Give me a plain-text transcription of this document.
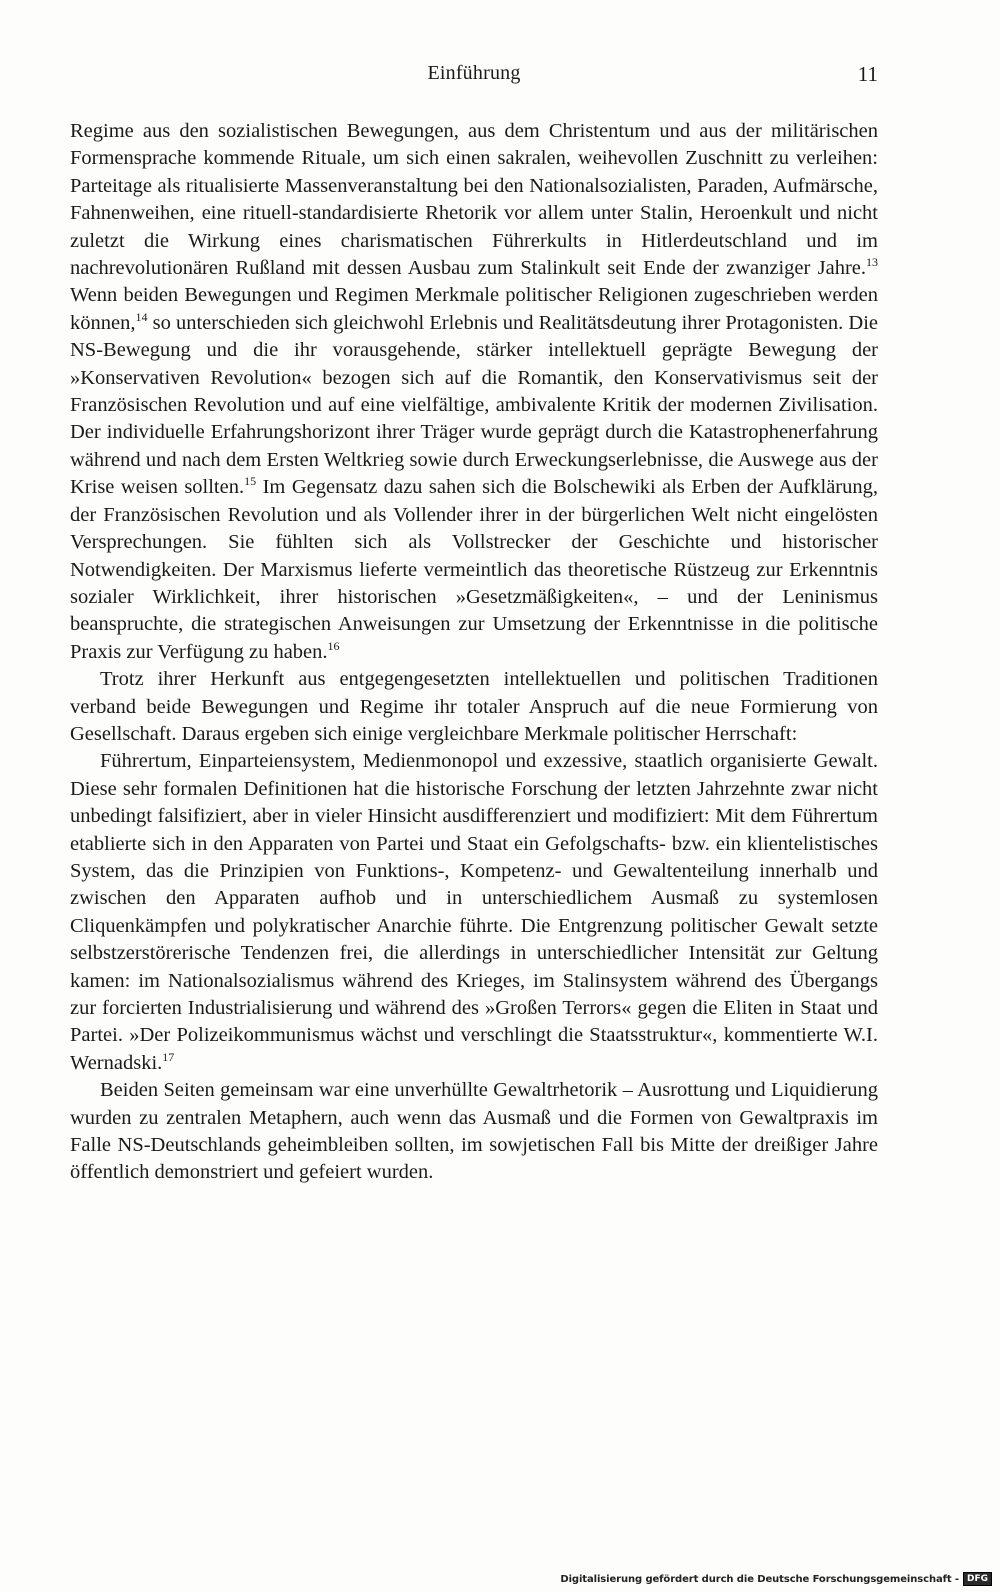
Einführung	11

Regime aus den sozialistischen Bewegungen, aus dem Christentum und aus der militärischen Formensprache kommende Rituale, um sich einen sakralen, weihevollen Zuschnitt zu verleihen: Parteitage als ritualisierte Massenveranstaltung bei den Nationalsozialisten, Paraden, Aufmärsche, Fahnenweihen, eine rituell-standardisierte Rhetorik vor allem unter Stalin, Heroenkult und nicht zuletzt die Wirkung eines charismatischen Führerkults in Hitlerdeutschland und im nachrevolutionären Rußland mit dessen Ausbau zum Stalinkult seit Ende der zwanziger Jahre.$^{13}$ Wenn beiden Bewegungen und Regimen Merkmale politischer Religionen zugeschrieben werden können,$^{14}$ so unterschieden sich gleichwohl Erlebnis und Realitätsdeutung ihrer Protagonisten. Die NS-Bewegung und die ihr vorausgehende, stärker intellektuell geprägte Bewegung der »Konservativen Revolution« bezogen sich auf die Romantik, den Konservativismus seit der Französischen Revolution und auf eine vielfältige, ambivalente Kritik der modernen Zivilisation. Der individuelle Erfahrungshorizont ihrer Träger wurde geprägt durch die Katastrophenerfahrung während und nach dem Ersten Weltkrieg sowie durch Erweckungserlebnisse, die Auswege aus der Krise weisen sollten.$^{15}$ Im Gegensatz dazu sahen sich die Bolschewiki als Erben der Aufklärung, der Französischen Revolution und als Vollender ihrer in der bürgerlichen Welt nicht eingelösten Versprechungen. Sie fühlten sich als Vollstrecker der Geschichte und historischer Notwendigkeiten. Der Marxismus lieferte vermeintlich das theoretische Rüstzeug zur Erkenntnis sozialer Wirklichkeit, ihrer historischen »Gesetzmäßigkeiten«, – und der Leninismus beanspruchte, die strategischen Anweisungen zur Umsetzung der Erkenntnisse in die politische Praxis zur Verfügung zu haben.$^{16}$

Trotz ihrer Herkunft aus entgegengesetzten intellektuellen und politischen Traditionen verband beide Bewegungen und Regime ihr totaler Anspruch auf die neue Formierung von Gesellschaft. Daraus ergeben sich einige vergleichbare Merkmale politischer Herrschaft:

Führertum, Einparteiensystem, Medienmonopol und exzessive, staatlich organisierte Gewalt. Diese sehr formalen Definitionen hat die historische Forschung der letzten Jahrzehnte zwar nicht unbedingt falsifiziert, aber in vieler Hinsicht ausdifferenziert und modifiziert: Mit dem Führertum etablierte sich in den Apparaten von Partei und Staat ein Gefolgschafts- bzw. ein klientelistisches System, das die Prinzipien von Funktions-, Kompetenz- und Gewaltenteilung innerhalb und zwischen den Apparaten aufhob und in unterschiedlichem Ausmaß zu systemlosen Cliquenkämpfen und polykratischer Anarchie führte. Die Entgrenzung politischer Gewalt setzte selbstzerstörerische Tendenzen frei, die allerdings in unterschiedlicher Intensität zur Geltung kamen: im Nationalsozialismus während des Krieges, im Stalinsystem während des Übergangs zur forcierten Industrialisierung und während des »Großen Terrors« gegen die Eliten in Staat und Partei. »Der Polizeikommunismus wächst und verschlingt die Staatsstruktur«, kommentierte W.I. Wernadski.$^{17}$

Beiden Seiten gemeinsam war eine unverhüllte Gewaltrhetorik – Ausrottung und Liquidierung wurden zu zentralen Metaphern, auch wenn das Ausmaß und die Formen von Gewaltpraxis im Falle NS-Deutschlands geheimbleiben sollten, im sowjetischen Fall bis Mitte der dreißiger Jahre öffentlich demonstriert und gefeiert wurden.

Digitalisierung gefördert durch die Deutsche Forschungsgemeinschaft - DFG
